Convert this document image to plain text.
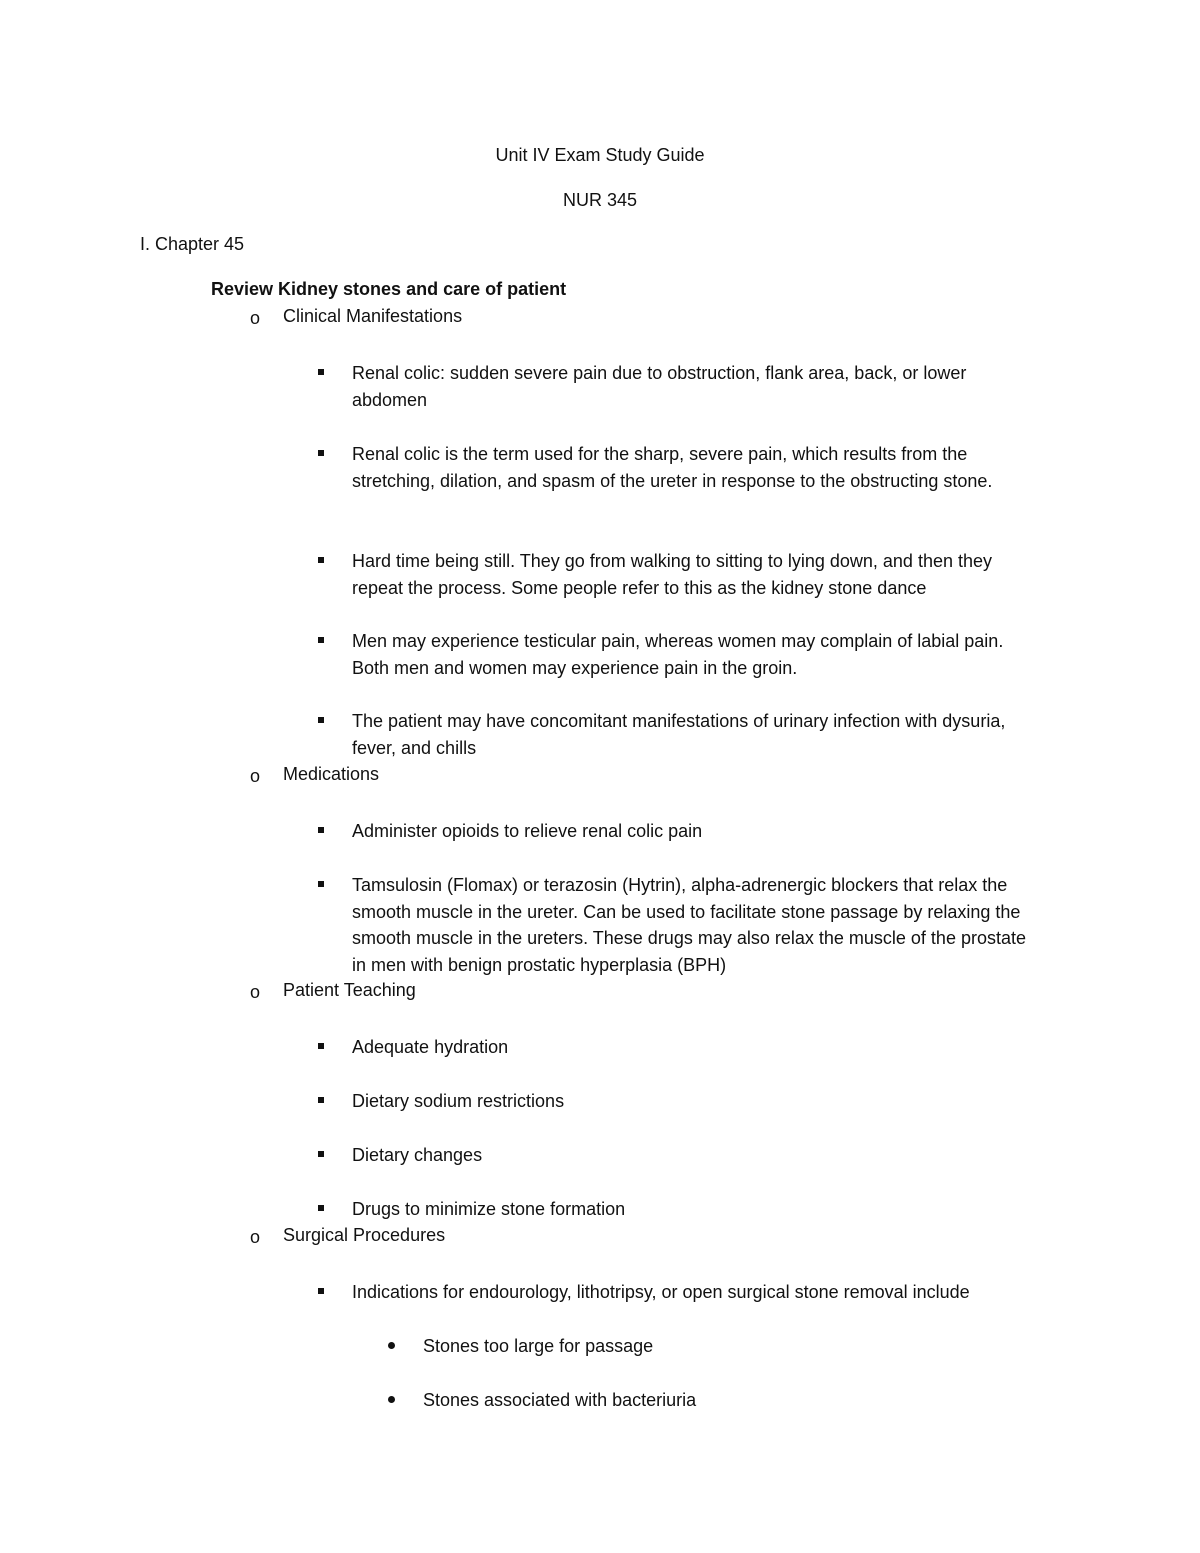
Unit IV Exam Study Guide
NUR 345
I. Chapter 45
Review Kidney stones and care of patient
o Clinical Manifestations
Renal colic: sudden severe pain due to obstruction, flank area, back, or lower abdomen
Renal colic is the term used for the sharp, severe pain, which results from the stretching, dilation, and spasm of the ureter in response to the obstructing stone.
Hard time being still. They go from walking to sitting to lying down, and then they repeat the process. Some people refer to this as the kidney stone dance
Men may experience testicular pain, whereas women may complain of labial pain. Both men and women may experience pain in the groin.
The patient may have concomitant manifestations of urinary infection with dysuria, fever, and chills
o Medications
Administer opioids to relieve renal colic pain
Tamsulosin (Flomax) or terazosin (Hytrin), alpha-adrenergic blockers that relax the smooth muscle in the ureter. Can be used to facilitate stone passage by relaxing the smooth muscle in the ureters. These drugs may also relax the muscle of the prostate in men with benign prostatic hyperplasia (BPH)
o Patient Teaching
Adequate hydration
Dietary sodium restrictions
Dietary changes
Drugs to minimize stone formation
o Surgical Procedures
Indications for endourology, lithotripsy, or open surgical stone removal include
Stones too large for passage
Stones associated with bacteriuria
